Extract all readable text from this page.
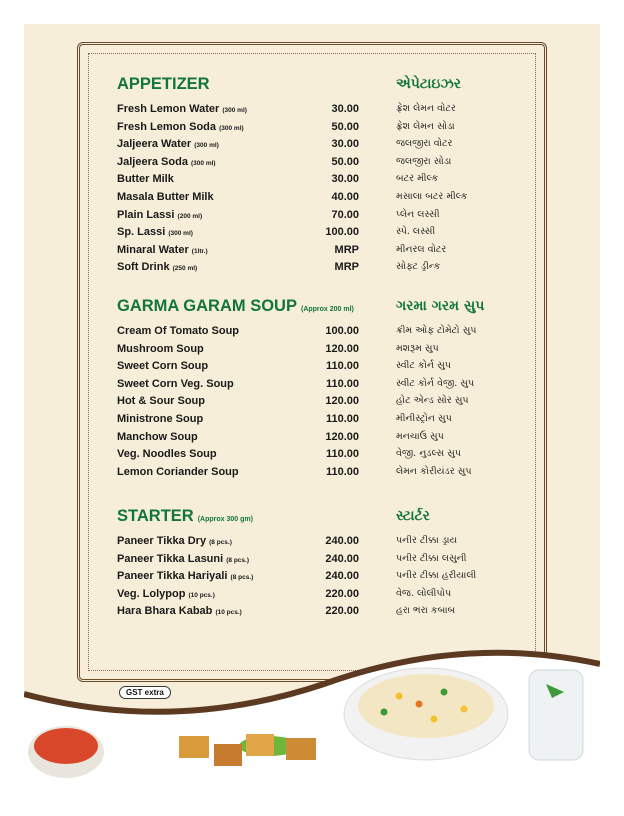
APPETIZER	એપેટાઇઝર
Fresh Lemon Water (300 ml)	30.00	ફ્રેશ લેમન વોટર
Fresh Lemon Soda (300 ml)	50.00	ફ્રેશ લેમન સોડા
Jaljeera Water (300 ml)	30.00	જલજીરા વોટર
Jaljeera Soda (300 ml)	50.00	જલજીરા સોડા
Butter Milk	30.00	બટર મીલ્ક
Masala Butter Milk	40.00	મસાલા બટર મીલ્ક
Plain Lassi (200 ml)	70.00	પ્લેન લસ્સી
Sp. Lassi (300 ml)	100.00	સ્પે. લસ્સી
Minaral Water (1ltr.)	MRP	મીનરલ વોટર
Soft Drink (250 ml)	MRP	સોફ્ટ ડ્રીન્ક
GARMA GARAM SOUP (Approx 200 ml)	ગરમા ગરમ સુપ
Cream Of Tomato Soup	100.00	ક્રીમ ઓફ ટોમેટો સુપ
Mushroom Soup	120.00	મશરૂમ સુપ
Sweet Corn Soup	110.00	સ્વીટ કોર્ન સુપ
Sweet Corn Veg. Soup	110.00	સ્વીટ કોર્ન વેજી. સુપ
Hot & Sour Soup	120.00	હોટ એન્ડ સોર સુપ
Ministrone Soup	110.00	મીનીસ્ટ્રોન સુપ
Manchow Soup	120.00	મનચાઉ સુપ
Veg. Noodles Soup	110.00	વેજી. નુડલ્સ સુપ
Lemon Coriander Soup	110.00	લેમન કોરીયંડર સુપ
STARTER (Approx 300 gm)	સ્ટાર્ટર
Paneer Tikka Dry (8 pcs.)	240.00	પનીર ટીક્કા ડ્રાય
Paneer Tikka Lasuni (8 pcs.)	240.00	પનીર ટીક્કા લસુની
Paneer Tikka Hariyali (8 pcs.)	240.00	પનીર ટીક્કા હરીયાલી
Veg. Lolypop (10 pcs.)	220.00	વેજ. લોલીપોપ
Hara Bhara Kabab (10 pcs.)	220.00	હરા ભરા કબાબ
GST extra
